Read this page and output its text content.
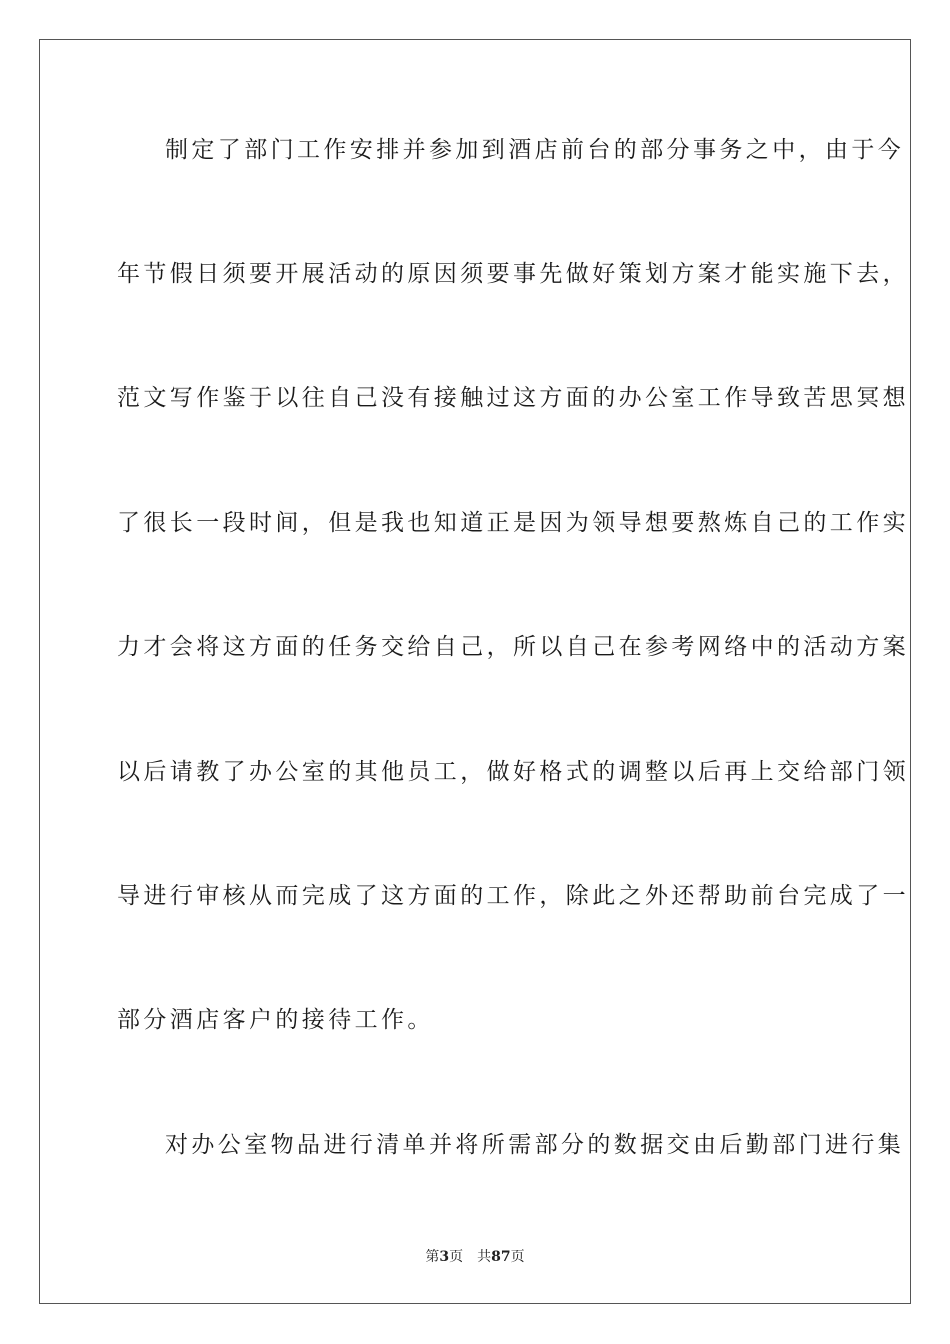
制定了部门工作安排并参加到酒店前台的部分事务之中，由于今
年节假日须要开展活动的原因须要事先做好策划方案才能实施下去，
范文写作鉴于以往自己没有接触过这方面的办公室工作导致苦思冥想
了很长一段时间，但是我也知道正是因为领导想要熬炼自己的工作实
力才会将这方面的任务交给自己，所以自己在参考网络中的活动方案
以后请教了办公室的其他员工，做好格式的调整以后再上交给部门领
导进行审核从而完成了这方面的工作，除此之外还帮助前台完成了一
部分酒店客户的接待工作。
对办公室物品进行清单并将所需部分的数据交由后勤部门进行集
第3页 共87页
